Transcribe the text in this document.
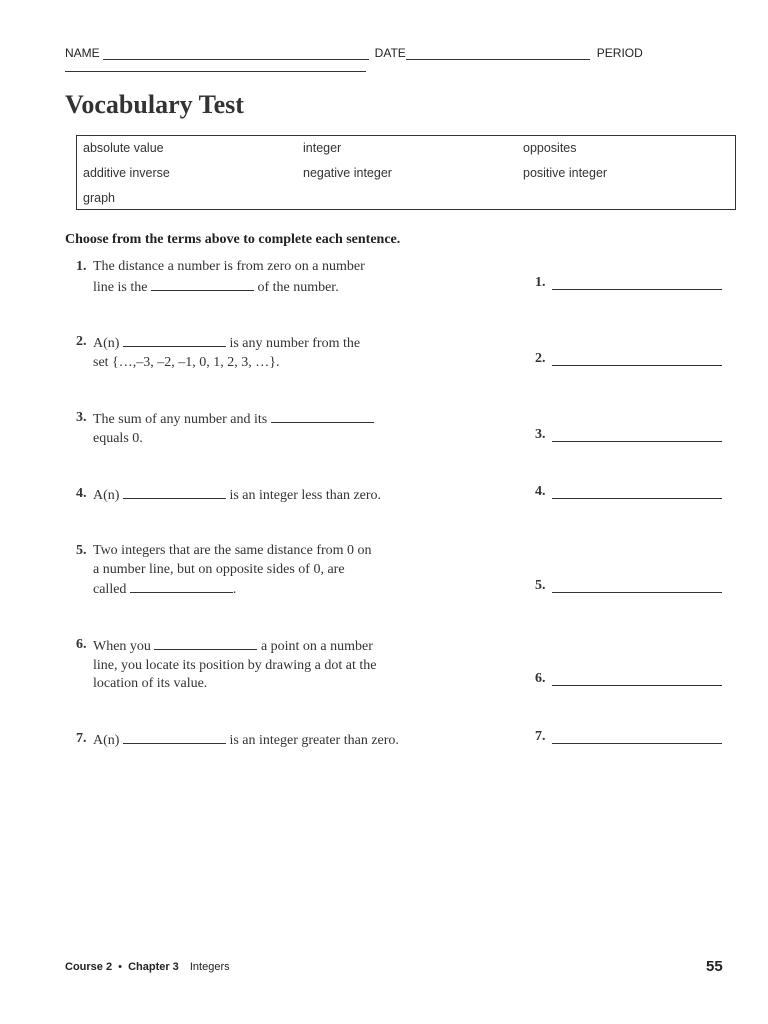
NAME	DATE	PERIOD
Vocabulary Test
absolute value	integer	opposites
additive inverse	negative integer	positive integer
graph
Choose from the terms above to complete each sentence.
1. The distance a number is from zero on a number line is the	of the number.	1.
2. A(n)	is any number from the set {…,–3, –2, –1, 0, 1, 2, 3, …}.	2.
3. The sum of any number and its  equals 0.	3.
4. A(n)	is an integer less than zero.	4.
5. Two integers that are the same distance from 0 on a number line, but on opposite sides of 0, are called	.	5.
6. When you	a point on a number line, you locate its position by drawing a dot at the location of its value.	6.
7. A(n)	is an integer greater than zero.	7.
Course 2 • Chapter 3 Integers	55
